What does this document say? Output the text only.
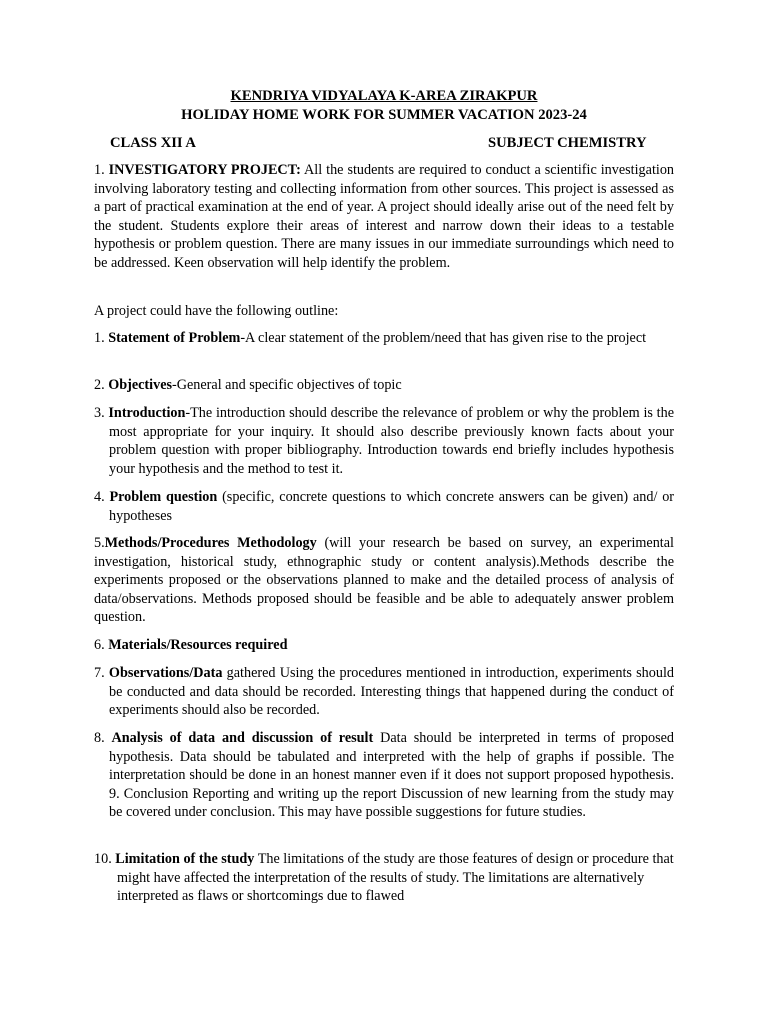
KENDRIYA VIDYALAYA K-AREA ZIRAKPUR
HOLIDAY HOME WORK FOR SUMMER VACATION 2023-24
CLASS XII A	SUBJECT CHEMISTRY
1. INVESTIGATORY PROJECT: All the students are required to conduct a scientific investigation involving laboratory testing and collecting information from other sources. This project is assessed as a part of practical examination at the end of year. A project should ideally arise out of the need felt by the student. Students explore their areas of interest and narrow down their ideas to a testable hypothesis or problem question. There are many issues in our immediate surroundings which need to be addressed. Keen observation will help identify the problem.
A project could have the following outline:
1. Statement of Problem-A clear statement of the problem/need that has given rise to the project
2. Objectives-General and specific objectives of topic
3. Introduction-The introduction should describe the relevance of problem or why the problem is the most appropriate for your inquiry. It should also describe previously known facts about your problem question with proper bibliography. Introduction towards end briefly includes hypothesis your hypothesis and the method to test it.
4. Problem question (specific, concrete questions to which concrete answers can be given) and/ or hypotheses
5.Methods/Procedures Methodology (will your research be based on survey, an experimental investigation, historical study, ethnographic study or content analysis).Methods describe the experiments proposed or the observations planned to make and the detailed process of analysis of data/observations. Methods proposed should be feasible and be able to adequately answer problem question.
6. Materials/Resources required
7. Observations/Data gathered Using the procedures mentioned in introduction, experiments should be conducted and data should be recorded. Interesting things that happened during the conduct of experiments should also be recorded.
8. Analysis of data and discussion of result Data should be interpreted in terms of proposed hypothesis. Data should be tabulated and interpreted with the help of graphs if possible. The interpretation should be done in an honest manner even if it does not support proposed hypothesis. 9. Conclusion Reporting and writing up the report Discussion of new learning from the study may be covered under conclusion. This may have possible suggestions for future studies.
10. Limitation of the study The limitations of the study are those features of design or procedure that might have affected the interpretation of the results of study. The limitations are alternatively interpreted as flaws or shortcomings due to flawed
